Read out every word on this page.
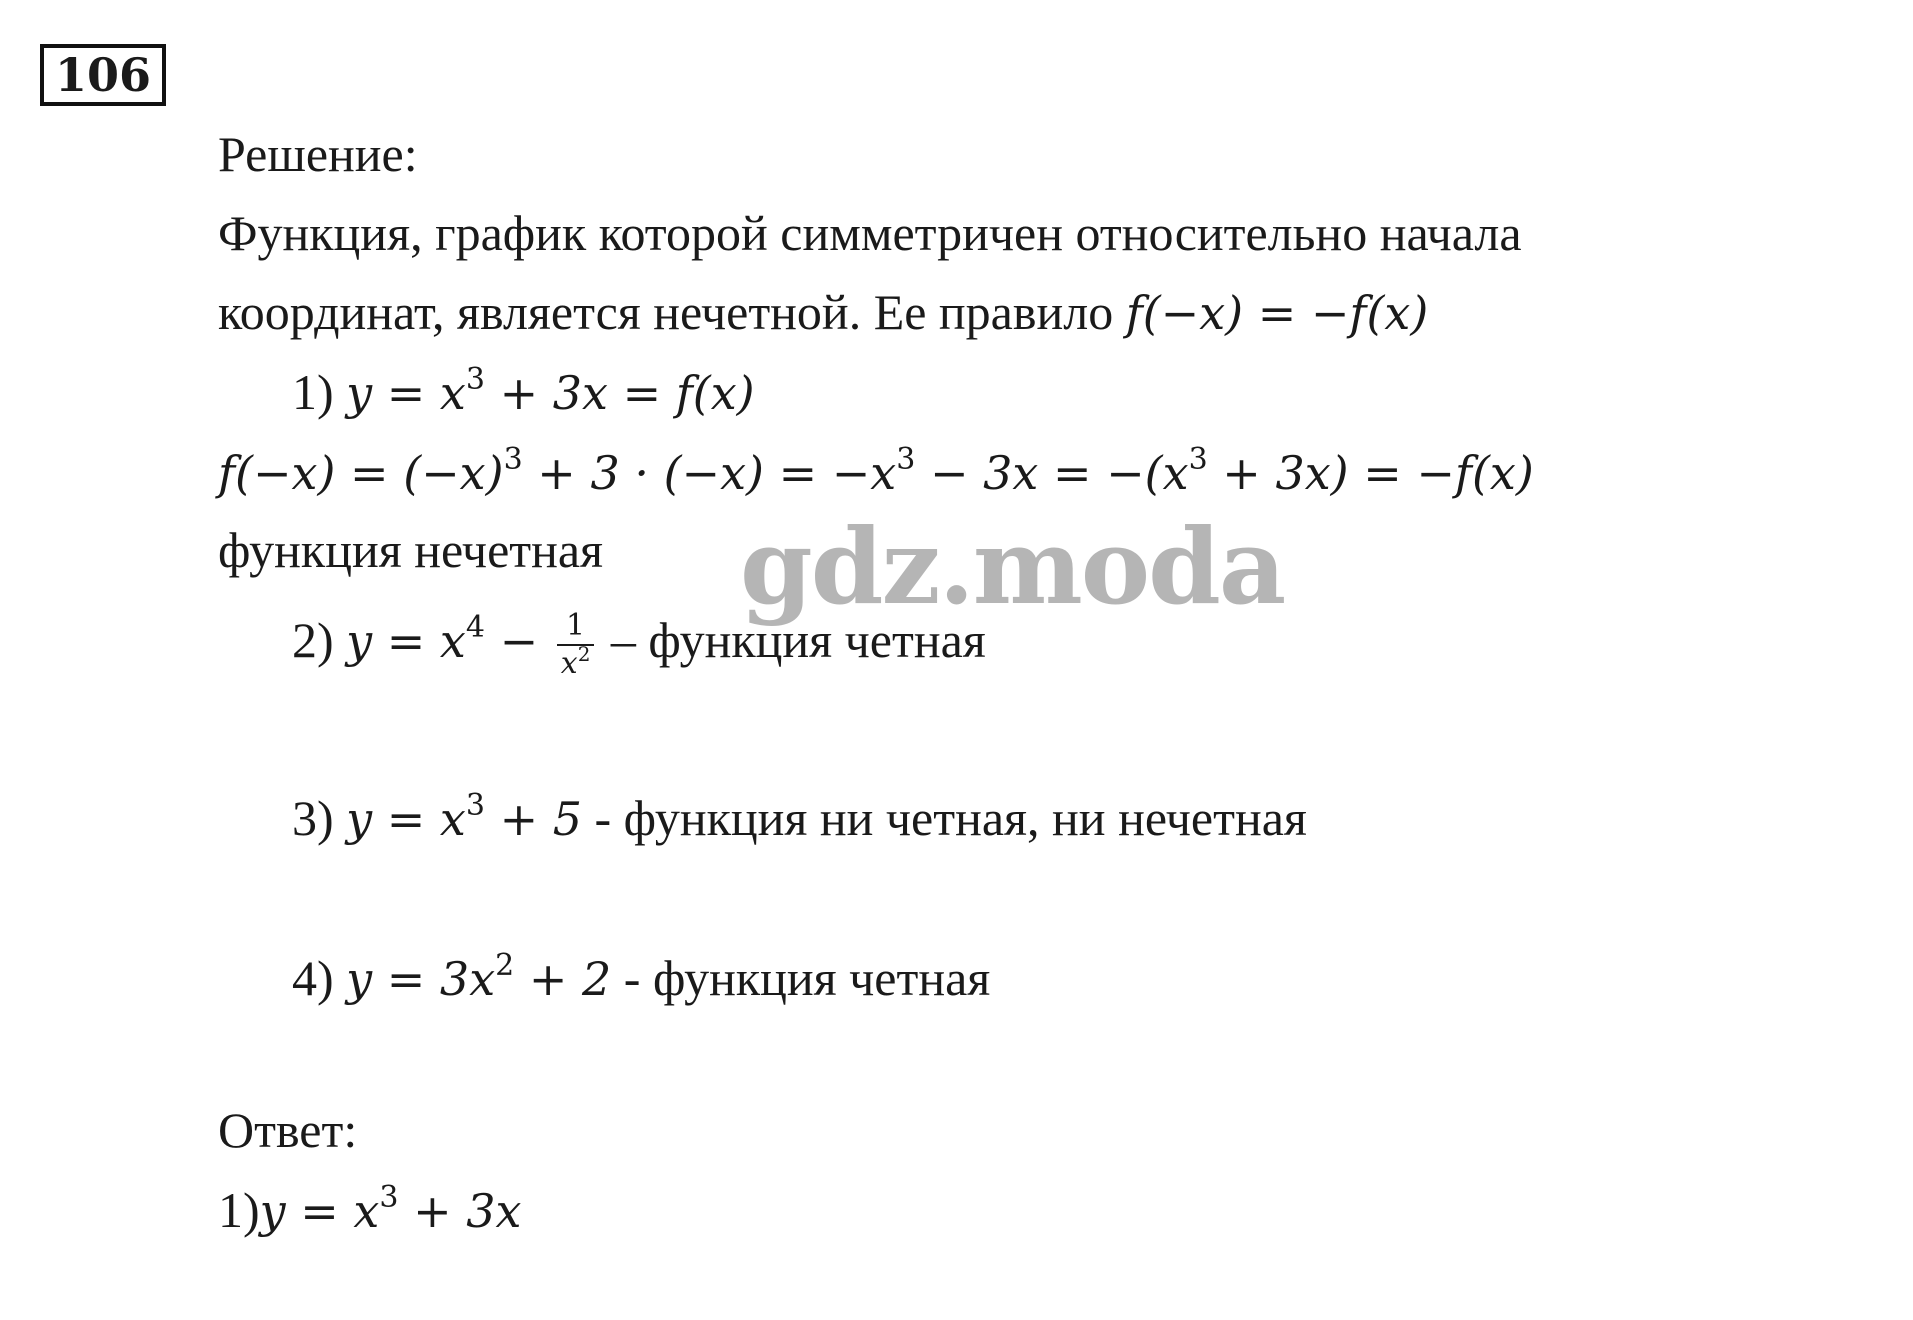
106
Решение:
Функция, график которой симметричен относительно начала
координат, является нечетной. Ее правило f(−x) = −f(x)
1) $y = x^3 + 3x = f(x)$
$f(-x) = (-x)^3 + 3 \cdot (-x) = -x^3 - 3x = -(x^3 + 3x) = -f(x)$
функция нечетная
2) $y = x^4 - \frac{1}{x^2}$ – функция четная
3) $y = x^3 + 5$ - функция ни четная, ни нечетная
4) $y = 3x^2 + 2$ - функция четная
Ответ:
$1)y = x^3 + 3x$
gdz.moda
